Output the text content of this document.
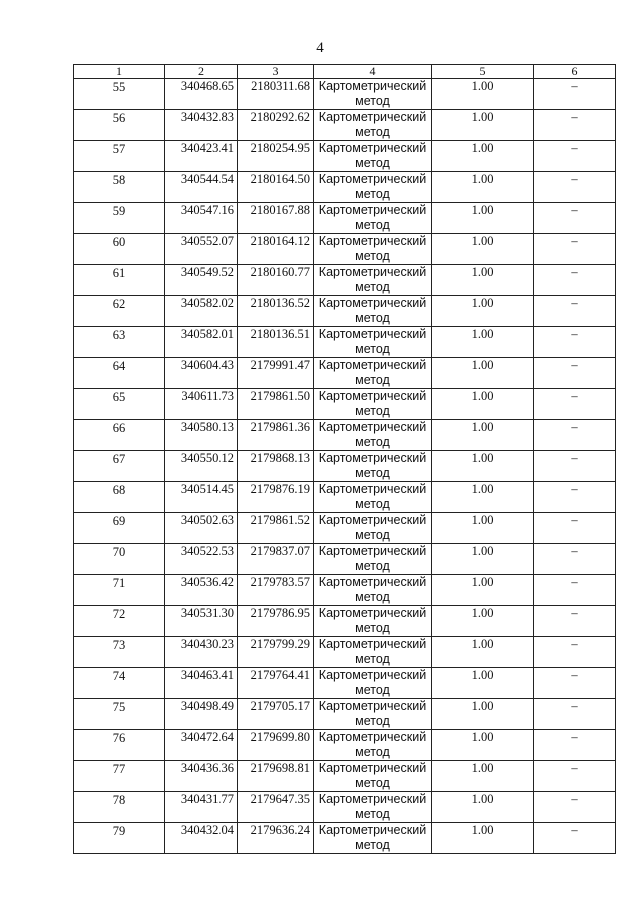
4
1	2	3	4	5	6
55	340468.65	2180311.68	Картометрический метод	1.00	–
56	340432.83	2180292.62	Картометрический метод	1.00	–
57	340423.41	2180254.95	Картометрический метод	1.00	–
58	340544.54	2180164.50	Картометрический метод	1.00	–
59	340547.16	2180167.88	Картометрический метод	1.00	–
60	340552.07	2180164.12	Картометрический метод	1.00	–
61	340549.52	2180160.77	Картометрический метод	1.00	–
62	340582.02	2180136.52	Картометрический метод	1.00	–
63	340582.01	2180136.51	Картометрический метод	1.00	–
64	340604.43	2179991.47	Картометрический метод	1.00	–
65	340611.73	2179861.50	Картометрический метод	1.00	–
66	340580.13	2179861.36	Картометрический метод	1.00	–
67	340550.12	2179868.13	Картометрический метод	1.00	–
68	340514.45	2179876.19	Картометрический метод	1.00	–
69	340502.63	2179861.52	Картометрический метод	1.00	–
70	340522.53	2179837.07	Картометрический метод	1.00	–
71	340536.42	2179783.57	Картометрический метод	1.00	–
72	340531.30	2179786.95	Картометрический метод	1.00	–
73	340430.23	2179799.29	Картометрический метод	1.00	–
74	340463.41	2179764.41	Картометрический метод	1.00	–
75	340498.49	2179705.17	Картометрический метод	1.00	–
76	340472.64	2179699.80	Картометрический метод	1.00	–
77	340436.36	2179698.81	Картометрический метод	1.00	–
78	340431.77	2179647.35	Картометрический метод	1.00	–
79	340432.04	2179636.24	Картометрический метод	1.00	–
